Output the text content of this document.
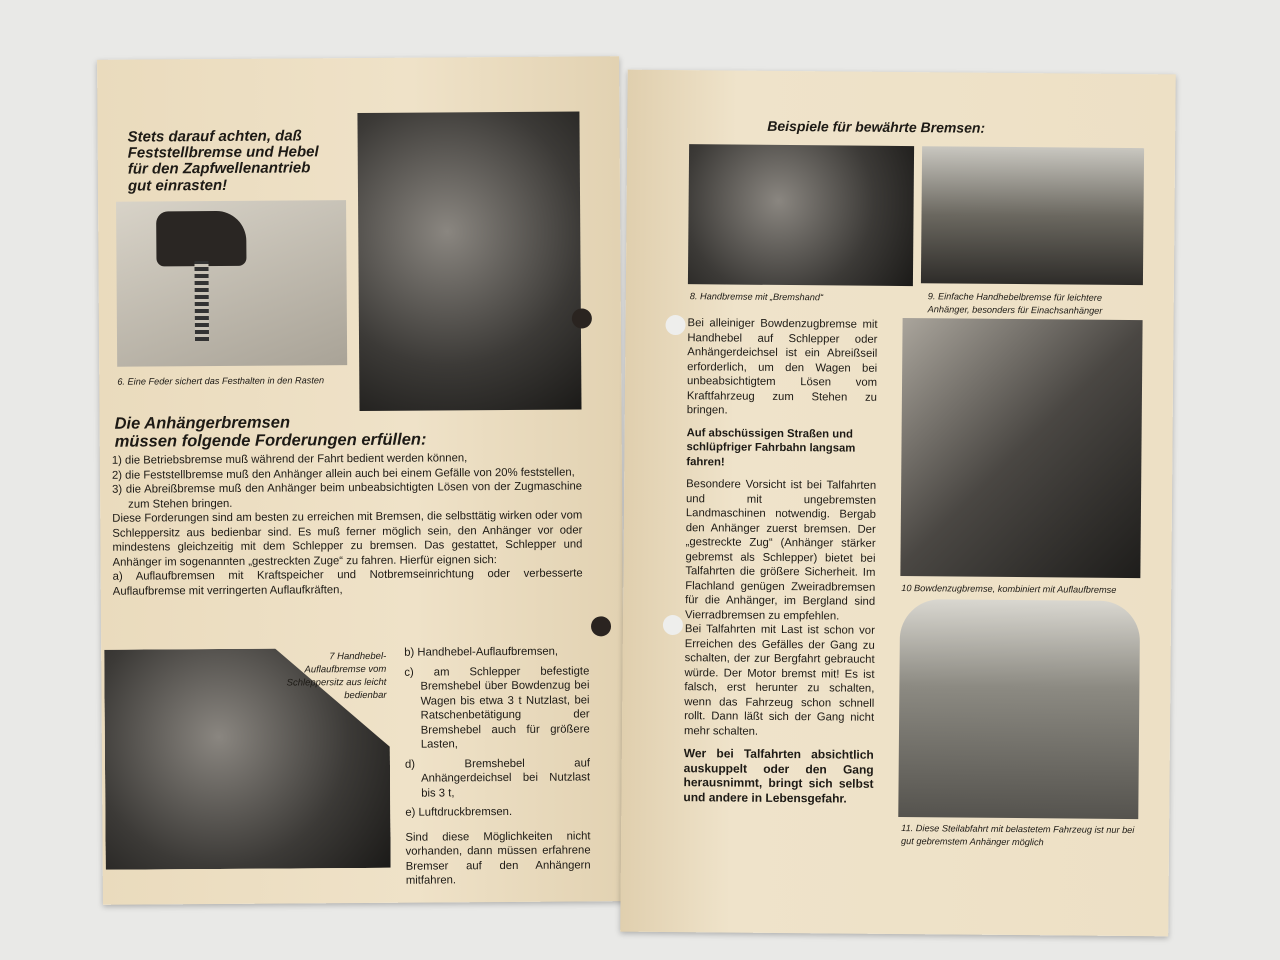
Stets darauf achten, daß
Feststellbremse und Hebel
für den Zapfwellenantrieb
gut einrasten!
6. Eine Feder sichert das Festhalten in den Rasten
Die Anhängerbremsen
müssen folgende Forderungen erfüllen:

1) die Betriebsbremse muß während der Fahrt bedient werden können,

2) die Feststellbremse muß den Anhänger allein auch bei einem Gefälle von 20% feststellen,

3) die Abreißbremse muß den Anhänger beim unbeabsichtigten Lösen von der Zugmaschine zum Stehen bringen.

Diese Forderungen sind am besten zu erreichen mit Bremsen, die selbsttätig wirken oder vom Schleppersitz aus bedienbar sind. Es muß ferner möglich sein, den Anhänger vor oder mindestens gleichzeitig mit dem Schlepper zu bremsen. Das gestattet, Schlepper und Anhänger im sogenannten „gestreckten Zuge“ zu fahren. Hierfür eignen sich:

a) Auflaufbremsen mit Kraftspeicher und Notbremseinrichtung oder verbesserte Auflaufbremse mit verringerten Auflaufkräften,

7 Handhebel-Auflaufbremse vom Schleppersitz aus leicht bedienbar

b) Handhebel-Auflaufbremsen,

c) am Schlepper befestigte Bremshebel über Bowdenzug bei Wagen bis etwa 3 t Nutzlast, bei Ratschenbetätigung der Bremshebel auch für größere Lasten,

d) Bremshebel auf Anhängerdeichsel bei Nutzlast bis 3 t,

e) Luftdruckbremsen.

Sind diese Möglichkeiten nicht vorhanden, dann müssen erfahrene Bremser auf den Anhängern mitfahren.

Beispiele für bewährte Bremsen:
8. Handbremse mit „Bremshand“	9. Einfache Handhebelbremse für leichtere Anhänger, besonders für Einachsanhänger

Bei alleiniger Bowdenzugbremse mit Handhebel auf Schlepper oder Anhängerdeichsel ist ein Abreißseil erforderlich, um den Wagen bei unbeabsichtigtem Lösen vom Kraftfahrzeug zum Stehen zu bringen.

Auf abschüssigen Straßen und schlüpfriger Fahrbahn langsam fahren!

Besondere Vorsicht ist bei Talfahrten und mit ungebremsten Landmaschinen notwendig. Bergab den Anhänger zuerst bremsen. Der „gestreckte Zug“ (Anhänger stärker gebremst als Schlepper) bietet bei Talfahrten die größere Sicherheit. Im Flachland genügen Zweiradbremsen für die Anhänger, im Bergland sind Vierradbremsen zu empfehlen.

Bei Talfahrten mit Last ist schon vor Erreichen des Gefälles der Gang zu schalten, der zur Bergfahrt gebraucht würde. Der Motor bremst mit! Es ist falsch, erst herunter zu schalten, wenn das Fahrzeug schon schnell rollt. Dann läßt sich der Gang nicht mehr schalten.

Wer bei Talfahrten absichtlich auskuppelt oder den Gang herausnimmt, bringt sich selbst und andere in Lebensgefahr.

10 Bowdenzugbremse, kombiniert mit Auflaufbremse
11. Diese Steilabfahrt mit belastetem Fahrzeug ist nur bei gut gebremstem Anhänger möglich
